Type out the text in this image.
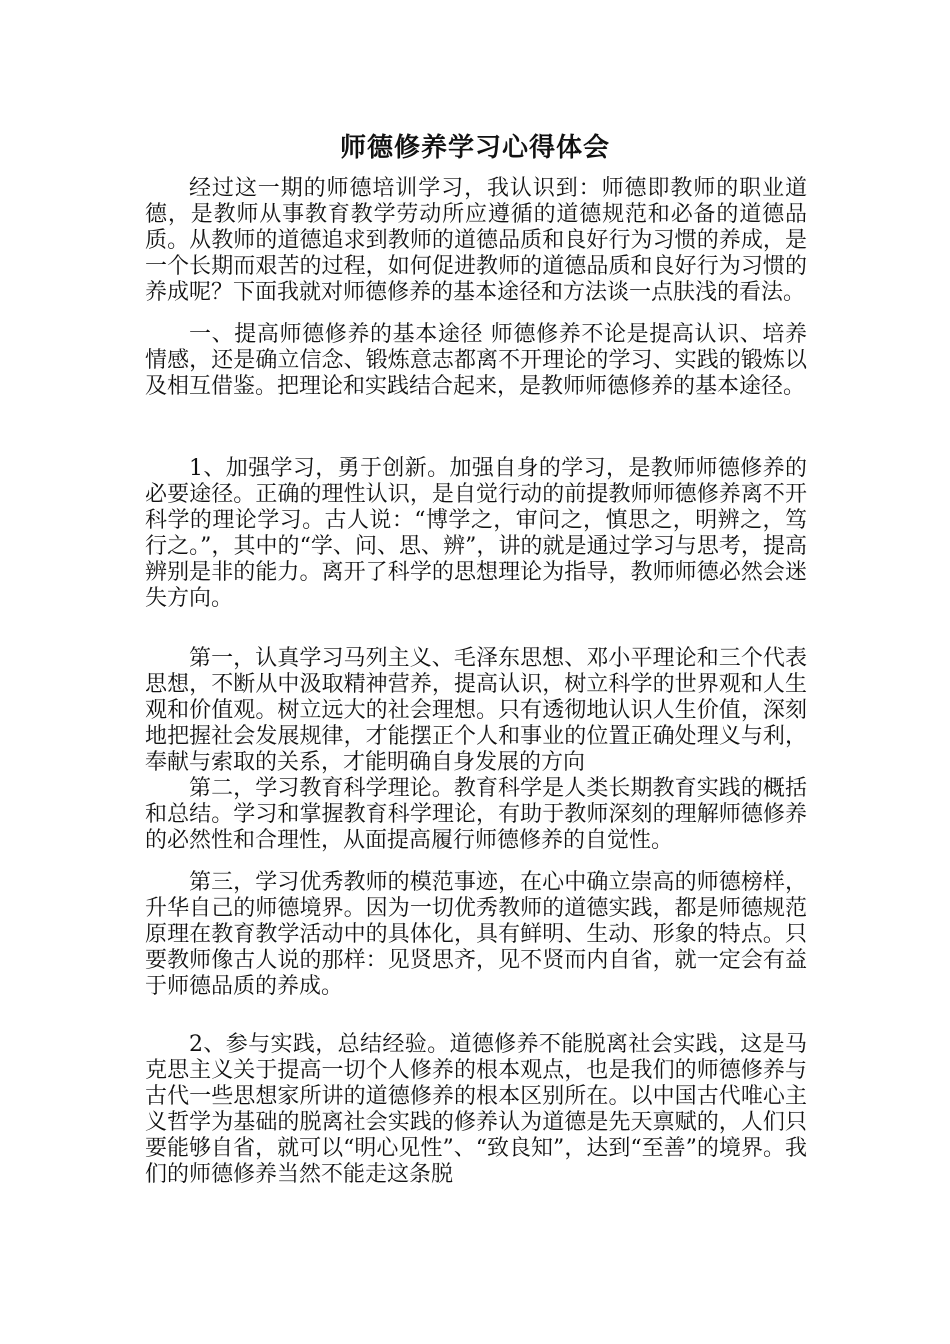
师德修养学习心得体会

经过这一期的师德培训学习，我认识到：师德即教师的职业道德，是教师从事教育教学劳动所应遵循的道德规范和必备的道德品质。从教师的道德追求到教师的道德品质和良好行为习惯的养成，是一个长期而艰苦的过程，如何促进教师的道德品质和良好行为习惯的养成呢？下面我就对师德修养的基本途径和方法谈一点肤浅的看法。

一、提高师德修养的基本途径 师德修养不论是提高认识、培养情感，还是确立信念、锻炼意志都离不开理论的学习、实践的锻炼以及相互借鉴。把理论和实践结合起来，是教师师德修养的基本途径。

1、加强学习，勇于创新。加强自身的学习，是教师师德修养的必要途径。正确的理性认识，是自觉行动的前提教师师德修养离不开科学的理论学习。古人说：“博学之，审问之，慎思之，明辨之，笃行之。”，其中的“学、问、思、辨”，讲的就是通过学习与思考，提高辨别是非的能力。离开了科学的思想理论为指导，教师师德必然会迷失方向。

第一，认真学习马列主义、毛泽东思想、邓小平理论和三个代表思想，不断从中汲取精神营养，提高认识，树立科学的世界观和人生观和价值观。树立远大的社会理想。只有透彻地认识人生价值，深刻地把握社会发展规律，才能摆正个人和事业的位置正确处理义与利，奉献与索取的关系，才能明确自身发展的方向

第二，学习教育科学理论。教育科学是人类长期教育实践的概括和总结。学习和掌握教育科学理论，有助于教师深刻的理解师德修养的必然性和合理性，从面提高履行师德修养的自觉性。

第三，学习优秀教师的模范事迹，在心中确立崇高的师德榜样，升华自己的师德境界。因为一切优秀教师的道德实践，都是师德规范原理在教育教学活动中的具体化，具有鲜明、生动、形象的特点。只要教师像古人说的那样：见贤思齐，见不贤而内自省，就一定会有益于师德品质的养成。

2、参与实践，总结经验。道德修养不能脱离社会实践，这是马克思主义关于提高一切个人修养的根本观点，也是我们的师德修养与古代一些思想家所讲的道德修养的根本区别所在。以中国古代唯心主义哲学为基础的脱离社会实践的修养认为道德是先天禀赋的，人们只要能够自省，就可以“明心见性”、“致良知”，达到“至善”的境界。我们的师德修养当然不能走这条脱
